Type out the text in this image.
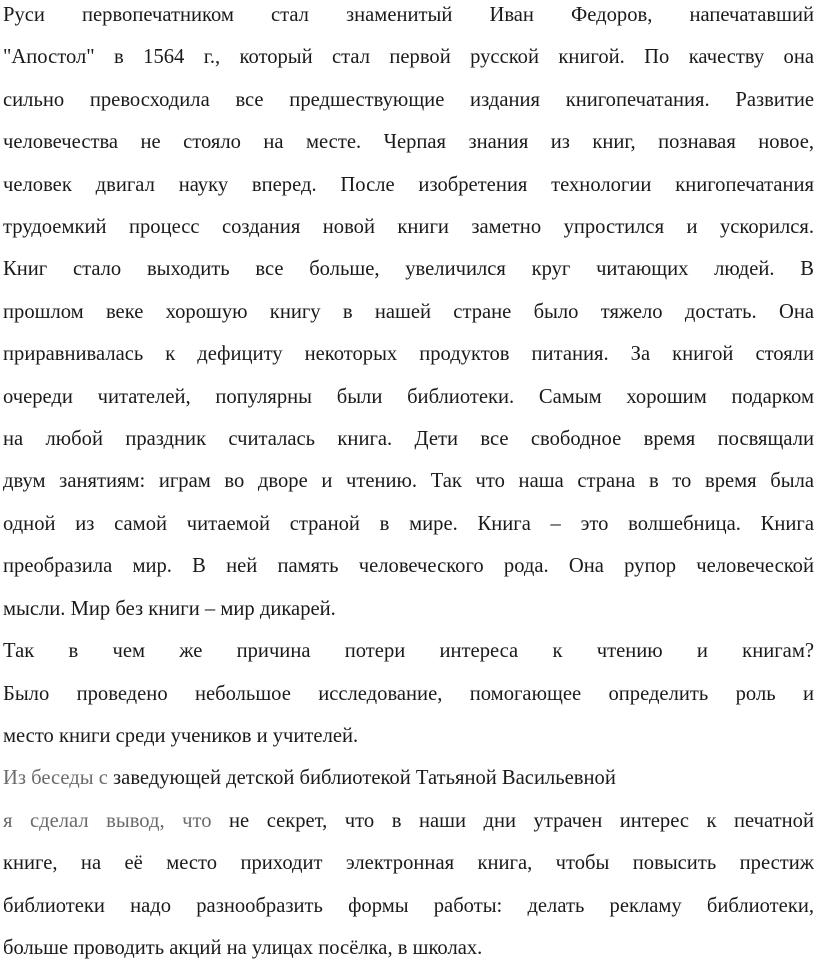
Руси первопечатником стал знаменитый Иван Федоров, напечатавший
"Апостол" в 1564 г., который стал первой русской книгой. По качеству она
сильно превосходила все предшествующие издания книгопечатания. Развитие
человечества не стояло на месте. Черпая знания из книг, познавая новое,
человек двигал науку вперед. После изобретения технологии книгопечатания
трудоемкий процесс создания новой книги заметно упростился и ускорился.
Книг стало выходить все больше, увеличился круг читающих людей. В
прошлом веке хорошую книгу в нашей стране было тяжело достать. Она
приравнивалась к дефициту некоторых продуктов питания. За книгой стояли
очереди читателей, популярны были библиотеки. Самым хорошим подарком
на любой праздник считалась книга. Дети все свободное время посвящали
двум занятиям: играм во дворе и чтению. Так что наша страна в то время была
одной из самой читаемой страной в мире. Книга – это волшебница. Книга
преобразила мир. В ней память человеческого рода. Она рупор человеческой
мысли. Мир без книги – мир дикарей.
Так в чем же причина потери интереса к чтению и книгам?
Было проведено небольшое исследование, помогающее определить роль и
место книги среди учеников и учителей.
Из беседы с заведующей детской библиотекой Татьяной Васильевной
я сделал вывод, что не секрет, что в наши дни утрачен интерес к печатной
книге, на её место приходит электронная книга, чтобы повысить престиж
библиотеки надо разнообразить формы работы: делать рекламу библиотеки,
больше проводить акций на улицах посёлка, в школах.
